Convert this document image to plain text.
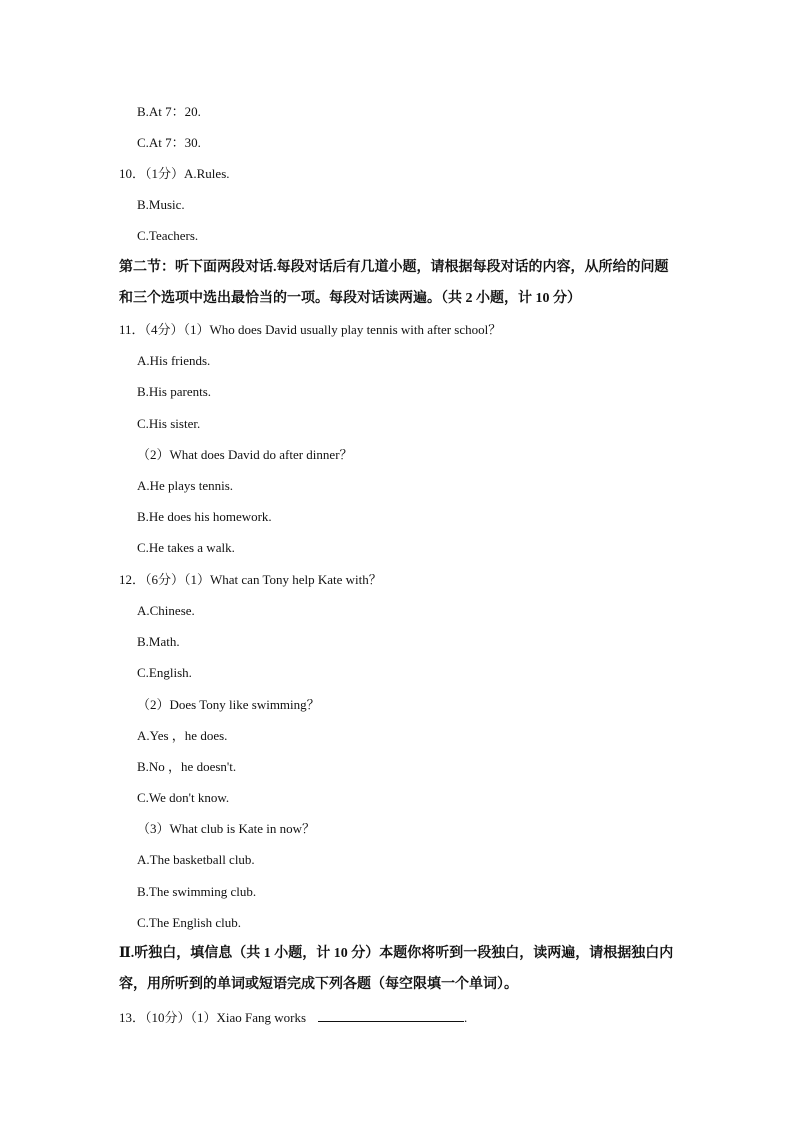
B.At 7：20.
C.At 7：30.
10．（1分）A.Rules.
B.Music.
C.Teachers.
第二节：听下面两段对话.每段对话后有几道小题，请根据每段对话的内容，从所给的问题
和三个选项中选出最恰当的一项。每段对话读两遍。（共 2 小题，计 10 分）
11．（4分）（1）Who does David usually play tennis with after school？
A.His friends.
B.His parents.
C.His sister.
（2）What does David do after dinner？
A.He plays tennis.
B.He does his homework.
C.He takes a walk.
12．（6分）（1）What can Tony help Kate with？
A.Chinese.
B.Math.
C.English.
（2）Does Tony like swimming？
A.Yes ，he does.
B.No ，he doesn't.
C.We don't know.
（3）What club is Kate in now？
A.The basketball club.
B.The swimming club.
C.The English club.
Ⅱ.听独白，填信息（共 1 小题，计 10 分）本题你将听到一段独白，读两遍，请根据独白内
容，用所听到的单词或短语完成下列各题（每空限填一个单词）。
13．（10分）（1）Xiao Fang works	.
